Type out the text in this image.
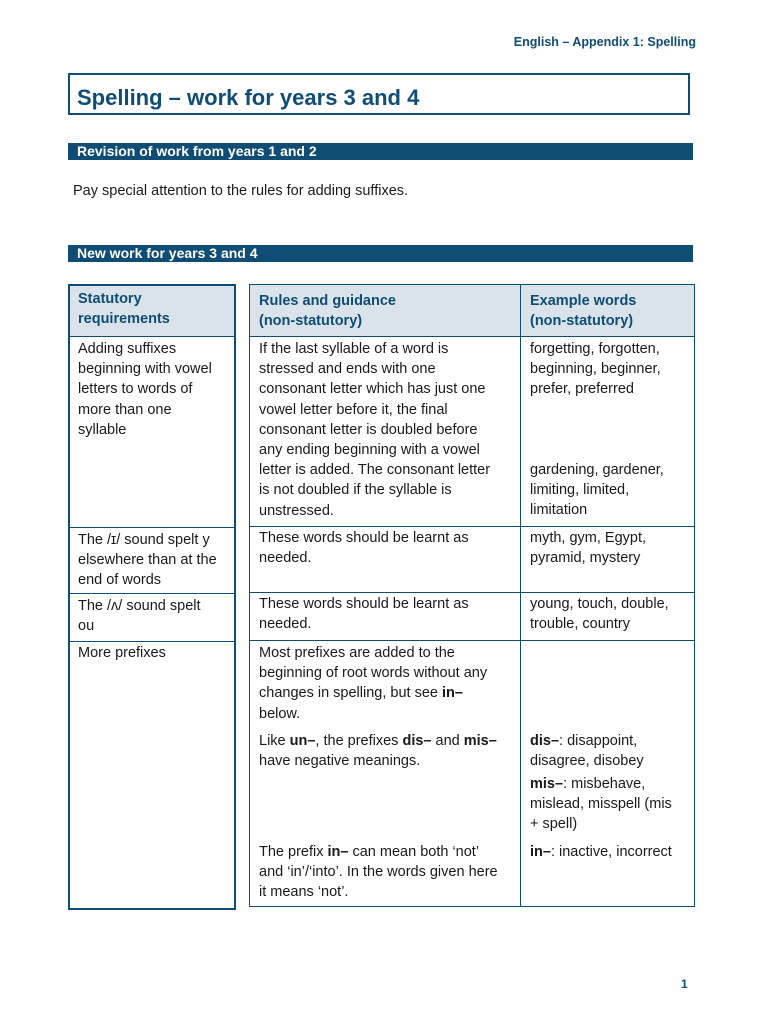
English – Appendix 1: Spelling
Spelling – work for years 3 and 4
Revision of work from years 1 and 2
Pay special attention to the rules for adding suffixes.
New work for years 3 and 4
Statutory
requirements
Rules and guidance
(non-statutory)
Example words
(non-statutory)
Adding suffixes
beginning with vowel
letters to words of
more than one
syllable
If the last syllable of a word is
stressed and ends with one
consonant letter which has just one
vowel letter before it, the final
consonant letter is doubled before
any ending beginning with a vowel
letter is added. The consonant letter
is not doubled if the syllable is
unstressed.
forgetting, forgotten,
beginning, beginner,
prefer, preferred
gardening, gardener,
limiting, limited,
limitation
The /ɪ/ sound spelt y
elsewhere than at the
end of words
These words should be learnt as
needed.
myth, gym, Egypt,
pyramid, mystery
The /ʌ/ sound spelt
ou
These words should be learnt as
needed.
young, touch, double,
trouble, country
More prefixes	Most prefixes are added to the
beginning of root words without any
changes in spelling, but see in–
below.
Like un–, the prefixes dis– and mis–
have negative meanings.
The prefix in– can mean both ‘not’
and ‘in’/‘into’. In the words given here
it means ‘not’.
dis–: disappoint,
disagree, disobey
mis–: misbehave,
mislead, misspell (mis
+ spell)
in–: inactive, incorrect
1
